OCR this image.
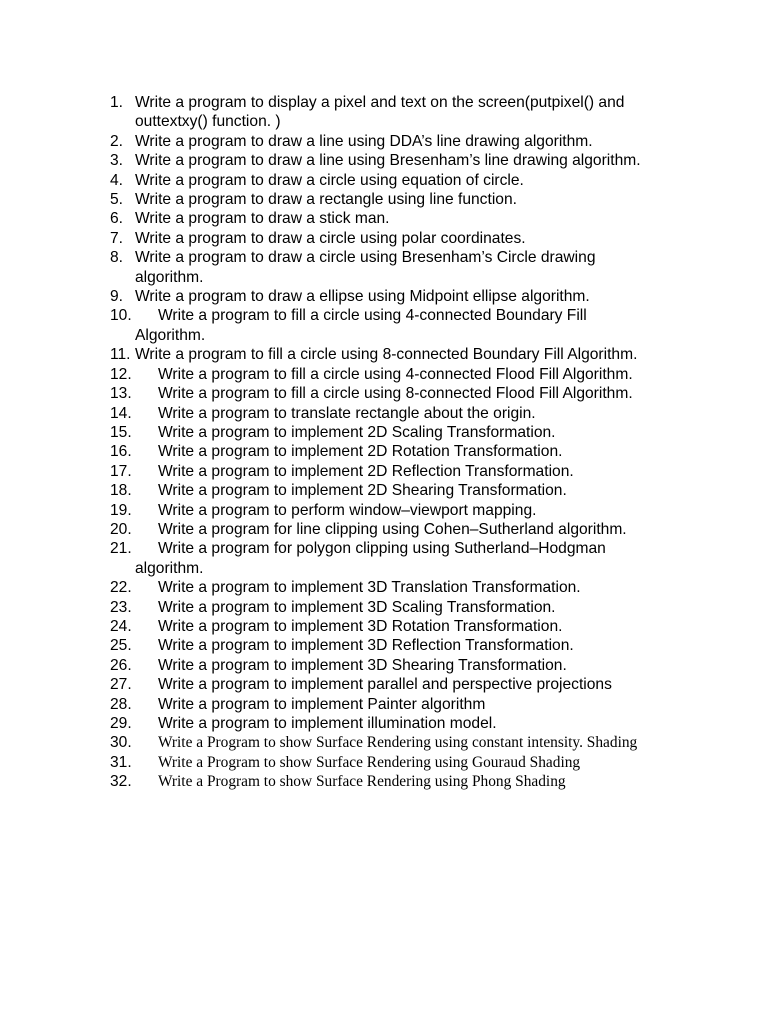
1. Write a program to display a pixel and text on the screen(putpixel() and
outtextxy() function. )
2. Write a program to draw a line using DDA’s line drawing algorithm.
3. Write a program to draw a line using Bresenham’s line drawing algorithm.
4. Write a program to draw a circle using equation of circle.
5. Write a program to draw a rectangle using line function.
6. Write a program to draw a stick man.
7. Write a program to draw a circle using polar coordinates.
8. Write a program to draw a circle using Bresenham’s Circle drawing
algorithm.
9. Write a program to draw a ellipse using Midpoint ellipse algorithm.
10.	Write a program to fill a circle using 4-connected Boundary Fill
Algorithm.
11. Write a program to fill a circle using 8-connected Boundary Fill Algorithm.
12.	Write a program to fill a circle using 4-connected Flood Fill Algorithm.
13.	Write a program to fill a circle using 8-connected Flood Fill Algorithm.
14.	Write a program to translate rectangle about the origin.
15.	Write a program to implement 2D Scaling Transformation.
16.	Write a program to implement 2D Rotation Transformation.
17.	Write a program to implement 2D Reflection Transformation.
18.	Write a program to implement 2D Shearing Transformation.
19.	Write a program to perform window–viewport mapping.
20.	Write a program for line clipping using Cohen–Sutherland algorithm.
21.	Write a program for polygon clipping using Sutherland–Hodgman
algorithm.
22.	Write a program to implement 3D Translation Transformation.
23.	Write a program to implement 3D Scaling Transformation.
24.	Write a program to implement 3D Rotation Transformation.
25.	Write a program to implement 3D Reflection Transformation.
26.	Write a program to implement 3D Shearing Transformation.
27.	Write a program to implement parallel and perspective projections
28.	Write a program to implement Painter algorithm
29.	Write a program to implement illumination model.
30.	Write a Program to show Surface Rendering using constant intensity. Shading
31.	Write a Program to show Surface Rendering using Gouraud Shading
32.	Write a Program to show Surface Rendering using Phong Shading
